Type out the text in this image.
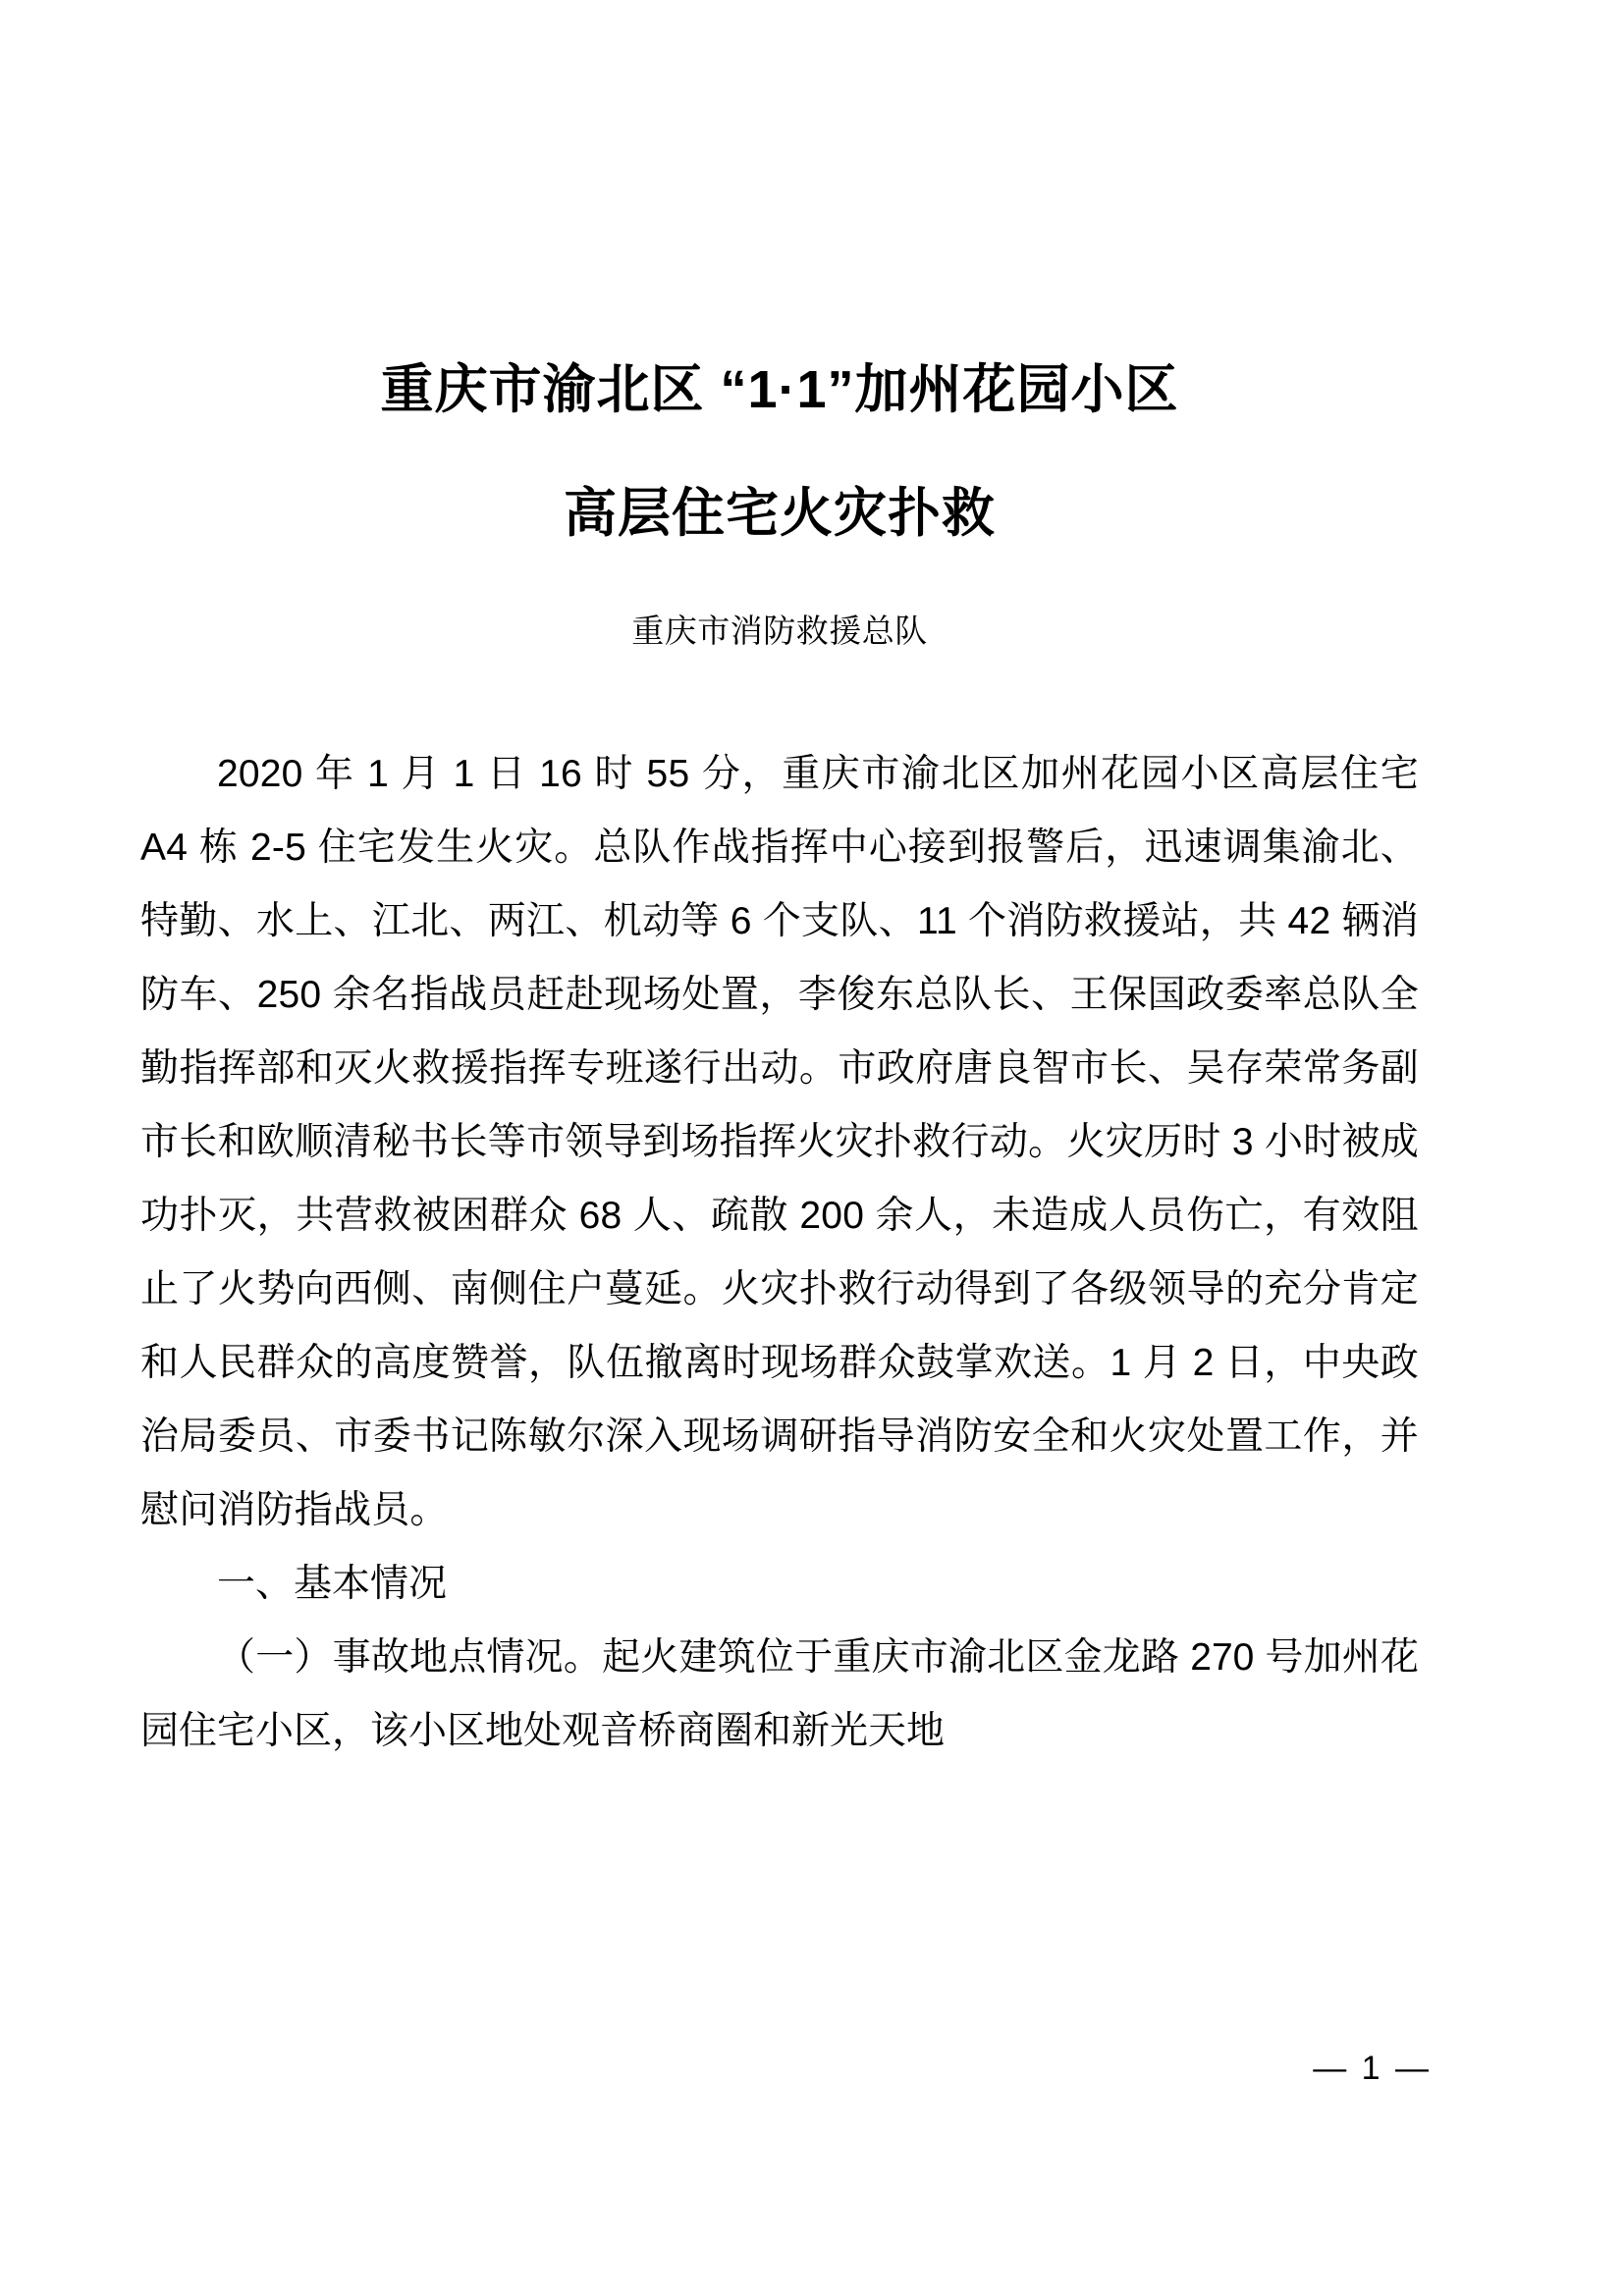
重庆市渝北区 “1·1”加州花园小区
高层住宅火灾扑救
重庆市消防救援总队

2020 年 1 月 1 日 16 时 55 分，重庆市渝北区加州花园小区高层住宅 A4 栋 2-5 住宅发生火灾。总队作战指挥中心接到报警后，迅速调集渝北、特勤、水上、江北、两江、机动等 6 个支队、11 个消防救援站，共 42 辆消防车、250 余名指战员赶赴现场处置，李俊东总队长、王保国政委率总队全勤指挥部和灭火救援指挥专班遂行出动。市政府唐良智市长、吴存荣常务副市长和欧顺清秘书长等市领导到场指挥火灾扑救行动。火灾历时 3 小时被成功扑灭，共营救被困群众 68 人、疏散 200 余人，未造成人员伤亡，有效阻止了火势向西侧、南侧住户蔓延。火灾扑救行动得到了各级领导的充分肯定和人民群众的高度赞誉，队伍撤离时现场群众鼓掌欢送。1 月 2 日，中央政治局委员、市委书记陈敏尔深入现场调研指导消防安全和火灾处置工作，并慰问消防指战员。

一、基本情况

（一）事故地点情况。起火建筑位于重庆市渝北区金龙路 270 号加州花园住宅小区，该小区地处观音桥商圈和新光天地

— 1 —
